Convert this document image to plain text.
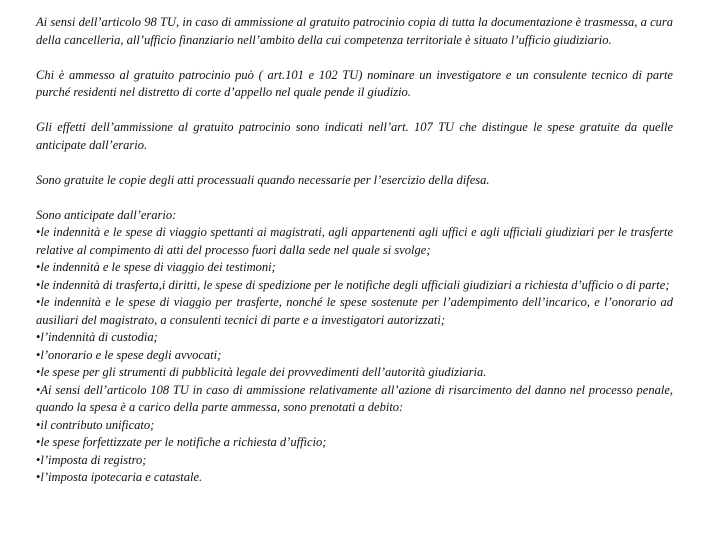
Ai sensi dell’articolo 98 TU, in caso di ammissione al gratuito patrocinio copia di tutta la documentazione è trasmessa, a cura della cancelleria, all’ufficio finanziario nell’ambito della cui competenza territoriale è situato l’ufficio giudiziario.

Chi è ammesso al gratuito patrocinio può ( art.101 e 102 TU) nominare un investigatore e un consulente tecnico di parte purché residenti nel distretto di corte d’appello nel quale pende il giudizio.

Gli effetti dell’ammissione al gratuito patrocinio sono indicati nell’art. 107 TU che distingue le spese gratuite da quelle anticipate dall’erario.

Sono gratuite le copie degli atti processuali quando necessarie per l’esercizio della difesa.

Sono anticipate dall’erario:

•le indennità e le spese di viaggio spettanti ai magistrati, agli appartenenti agli uffici e agli ufficiali giudiziari per le trasferte relative al compimento di atti del processo fuori dalla sede nel quale si svolge;
•le indennità e le spese di viaggio dei testimoni;
•le indennità di trasferta,i diritti, le spese di spedizione per le notifiche degli ufficiali giudiziari a richiesta d’ufficio o di parte;
•le indennità e le spese di viaggio per trasferte, nonché le spese sostenute per l’adempimento dell’incarico, e l’onorario ad ausiliari del magistrato, a consulenti tecnici di parte e a investigatori autorizzati;
•l’indennità di custodia;
•l’onorario e le spese degli avvocati;
•le spese per gli strumenti di pubblicità legale dei provvedimenti dell’autorità giudiziaria.
•Ai sensi dell’articolo 108 TU in caso di ammissione relativamente all’azione di risarcimento del danno nel processo penale, quando la spesa è a carico della parte ammessa, sono prenotati a debito:
•il contributo unificato;
•le spese forfettizzate per le notifiche a richiesta d’ufficio;
•l’imposta di registro;
•l’imposta ipotecaria e catastale.
